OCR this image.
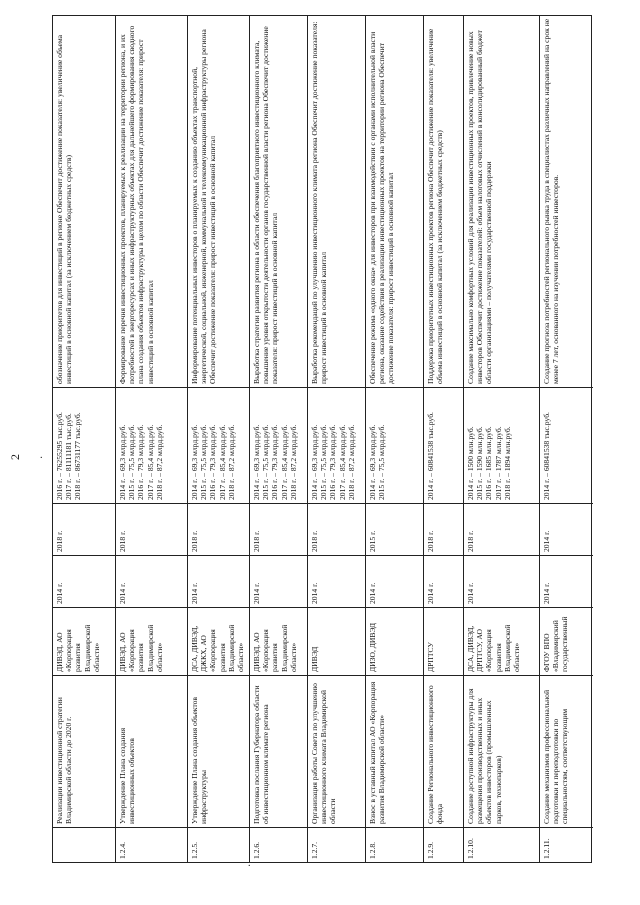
2
Реализации инвестиционной стратегии Владимирской области до 2020 г.
ДИВЭД, АО «Корпорация развития Владимирской области»
2014 г.
2018 г.
2016 г. – 76255295 тыс.руб. 2017 г. – 81111181 тыс.руб. 2018 г. – 86731177 тыс.руб.
обозначение приоритетов для инвестиций в регионе Обеспечит достижение показателя: увеличение объема инвестиций в основной капитал (за исключением бюджетных средств)
1.2.4.
Утверждение Плана создания инвестиционных объектов
ДИВЭД, АО «Корпорация развития Владимирской области»
2014 г.
2018 г.
2014 г. – 69,3 млрд.руб. 2015 г. – 75,5 млрд.руб. 2016 г. – 79,3 млрд.руб. 2017 г. – 85,4 млрд.руб. 2018 г. – 87,2 млрд.руб.
Формирование перечня инвестиционных проектов, планируемых к реализации на территории региона, и их потребностей в энергоресурсах и иных инфраструктурных объектах для дальнейшего формирования сводного плана создания объектов инфраструктуры в целом по области Обеспечит достижение показателя: прирост инвестиций в основной капитал
1.2.5.
Утверждение Плана создания объектов инфраструктуры
ДСА, ДИВЭД, ДЖКХ, АО «Корпорация развития Владимирской области»
2014 г.
2018 г.
2014 г. – 69,3 млрд.руб. 2015 г. – 75,5 млрд.руб. 2016 г. – 79,3 млрд.руб. 2017 г. – 85,4 млрд.руб. 2018 г. – 87,2 млрд.руб.
Информирование потенциальных инвесторов о планируемых к созданию объектах транспортной, энергетической, социальной, инженерной, коммунальной и телекоммуникационной инфраструктуры региона Обеспечит достижение показателя: прирост инвестиций в основной капитал
1.2.6.
Подготовка послания Губернатора области об инвестиционном климате региона
ДИВЭД, АО «Корпорация развития Владимирской области»
2014 г.
2018 г.
2014 г. – 69,3 млрд.руб. 2015 г. – 75,5 млрд.руб. 2016 г. – 79,3 млрд.руб. 2017 г. – 85,4 млрд.руб. 2018 г. – 87,2 млрд.руб.
Выработка стратегии развития региона в области обеспечения благоприятного инвестиционного климата, повышение уровня открытости деятельности органов государственной власти региона Обеспечит достижение показателя: прирост инвестиций в основной капитал
1.2.7.
Организация работы Совета по улучшению инвестиционного климата Владимирской области
ДИВЭД
2014 г.
2018 г.
2014 г. – 69,3 млрд.руб. 2015 г. – 75,5 млрд.руб. 2016 г. – 79,3 млрд.руб. 2017 г. – 85,4 млрд.руб. 2018 г. – 87,2 млрд.руб.
Выработка рекомендаций по улучшению инвестиционного климата региона Обеспечит достижение показателя: прирост инвестиций в основной капитал
1.2.8.
Взнос в уставный капитал АО «Корпорация развития Владимирской области»
ДИЗО, ДИВЭД
2014 г.
2015 г.
2014 г. – 69,3 млрд.руб. 2015 г. – 75,5 млрд.руб.
Обеспечение режима «одного окна» для инвесторов при взаимодействии с органами исполнительной власти региона, оказание содействия в реализации инвестиционных проектов на территории региона Обеспечит достижение показателя: прирост инвестиций в основной капитал
1.2.9.
Создание Регионального инвестиционного фонда
ДРПТСУ
2014 г.
2018 г.
2014 г. – 60841538 тыс.руб.
Поддержка приоритетных инвестиционных проектов региона Обеспечит достижение показателя: увеличение объема инвестиций в основной капитал (за исключением бюджетных средств)
1.2.10.
Создание доступной инфраструктуры для размещения производственных и иных объектов инвесторов (промышленных парков, технопарков)
ДСА, ДИВЭД, ДРПТСУ, АО «Корпорация развития Владимирской области»
2014 г.
2018 г.
2014 г. – 1500 млн.руб. 2015 г. – 1590 млн.руб. 2016 г. – 1685 млн.руб. 2017 г. – 1787 млн.руб. 2018 г. – 1894 млн.руб.
Создание максимально комфортных условий для реализации инвестиционных проектов, привлечение новых инвесторов Обеспечит достижение показателей: объем налоговых отчислений в консолидированный бюджет области организациями – получателями государственной поддержки
1.2.11.
Создание механизмов профессиональной подготовки и переподготовки по специальностям, соответствующим
ФГОУ ВПО «Владимирский государственный
2014 г.
2014 г.
2014 г. – 60841538 тыс.руб.
Создание прогноза потребностей регионального рынка труда в специалистах различных направлений на срок не менее 7 лет, основанного на изучении потребностей инвесторов.
.
.
